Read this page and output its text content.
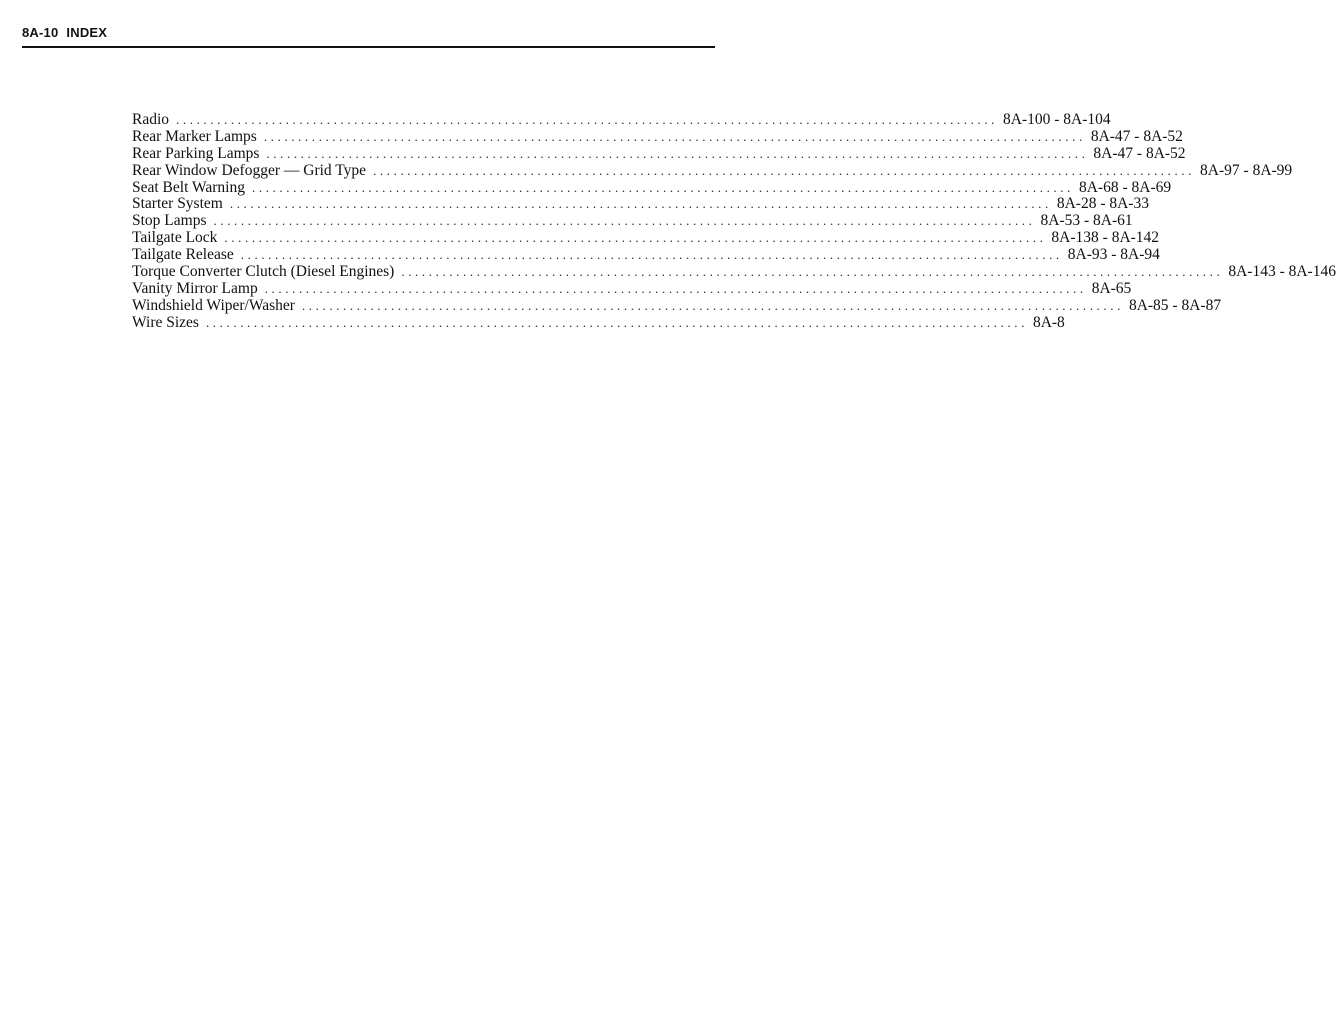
8A-10 INDEX
Radio ........................................................................................................................ 8A-100 - 8A-104
Rear Marker Lamps ........................................................................................................................ 8A-47 - 8A-52
Rear Parking Lamps ........................................................................................................................ 8A-47 - 8A-52
Rear Window Defogger — Grid Type ........................................................................................................................ 8A-97 - 8A-99
Seat Belt Warning ........................................................................................................................ 8A-68 - 8A-69
Starter System ........................................................................................................................ 8A-28 - 8A-33
Stop Lamps ........................................................................................................................ 8A-53 - 8A-61
Tailgate Lock ........................................................................................................................ 8A-138 - 8A-142
Tailgate Release ........................................................................................................................ 8A-93 - 8A-94
Torque Converter Clutch (Diesel Engines) ........................................................................................................................ 8A-143 - 8A-146
Vanity Mirror Lamp ........................................................................................................................ 8A-65
Windshield Wiper/Washer ........................................................................................................................ 8A-85 - 8A-87
Wire Sizes ........................................................................................................................ 8A-8
